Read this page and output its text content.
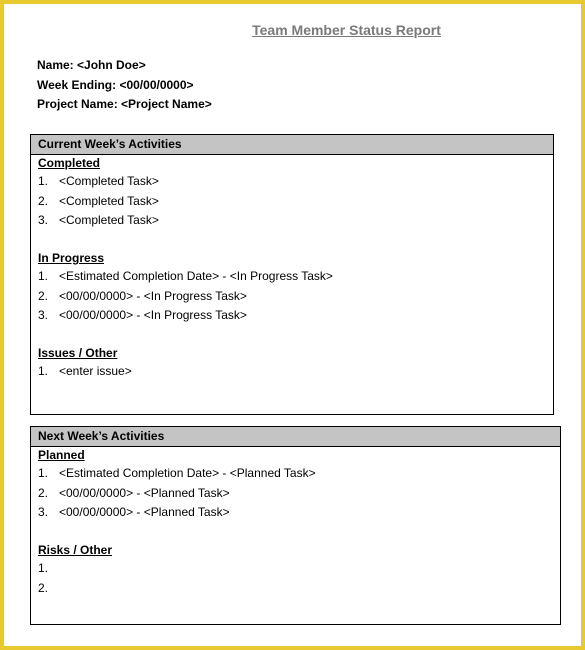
Team Member Status Report
Name: <John Doe>
Week Ending: <00/00/0000>
Project Name: <Project Name>
Current Week’s Activities
Completed
1. <Completed Task>
2. <Completed Task>
3. <Completed Task>
In Progress
1. <Estimated Completion Date> - <In Progress Task>
2. <00/00/0000> - <In Progress Task>
3. <00/00/0000> - <In Progress Task>
Issues / Other
1. <enter issue>
Next Week’s Activities
Planned
1. <Estimated Completion Date> - <Planned Task>
2. <00/00/0000> - <Planned Task>
3. <00/00/0000> - <Planned Task>
Risks / Other
1.
2.
